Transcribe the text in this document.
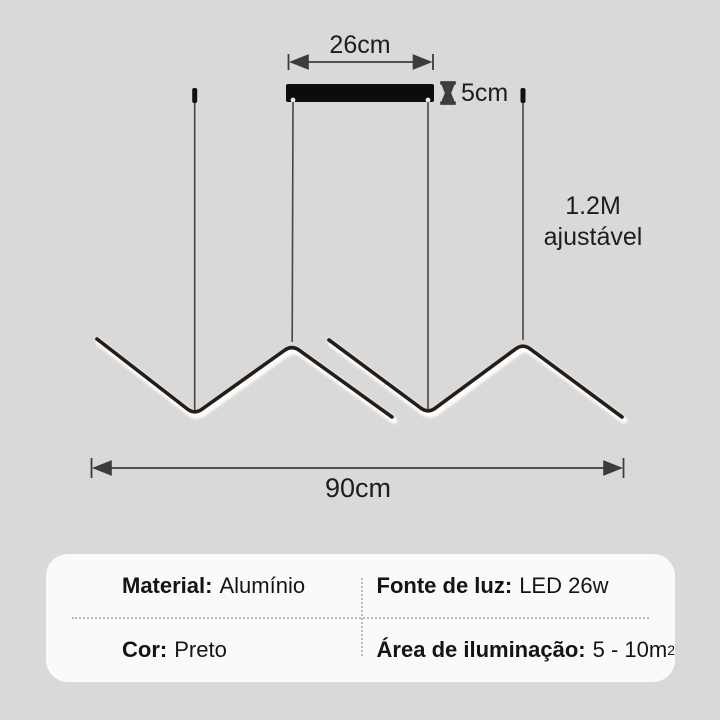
26cm
5cm
1.2M
ajustável
90cm
Material: Alumínio	Fonte de luz: LED 26w
Cor: Preto	Área de iluminação: 5 - 10m 2
